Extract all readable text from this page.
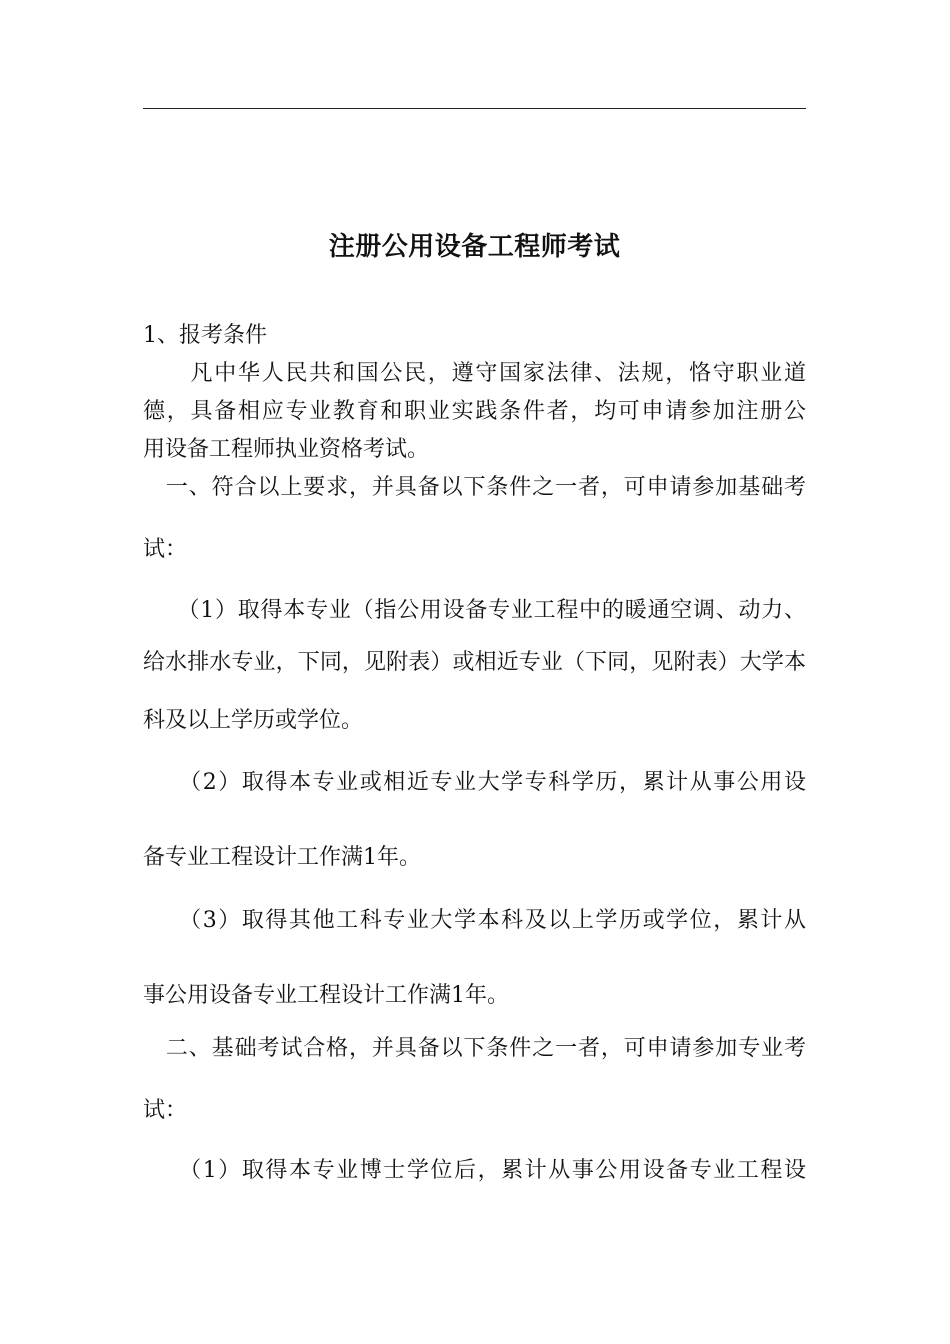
注册公用设备工程师考试
1、报考条件
　　凡中华人民共和国公民，遵守国家法律、法规，恪守职业道
德，具备相应专业教育和职业实践条件者，均可申请参加注册公
用设备工程师执业资格考试。
　一、符合以上要求，并具备以下条件之一者，可申请参加基础考
试：
　　（1）取得本专业（指公用设备专业工程中的暖通空调、动力、
给水排水专业，下同，见附表）或相近专业（下同，见附表）大学本
科及以上学历或学位。
　　（2）取得本专业或相近专业大学专科学历，累计从事公用设
备专业工程设计工作满1年。
　　（3）取得其他工科专业大学本科及以上学历或学位，累计从
事公用设备专业工程设计工作满1年。
　二、基础考试合格，并具备以下条件之一者，可申请参加专业考
试：
　　（1）取得本专业博士学位后，累计从事公用设备专业工程设
